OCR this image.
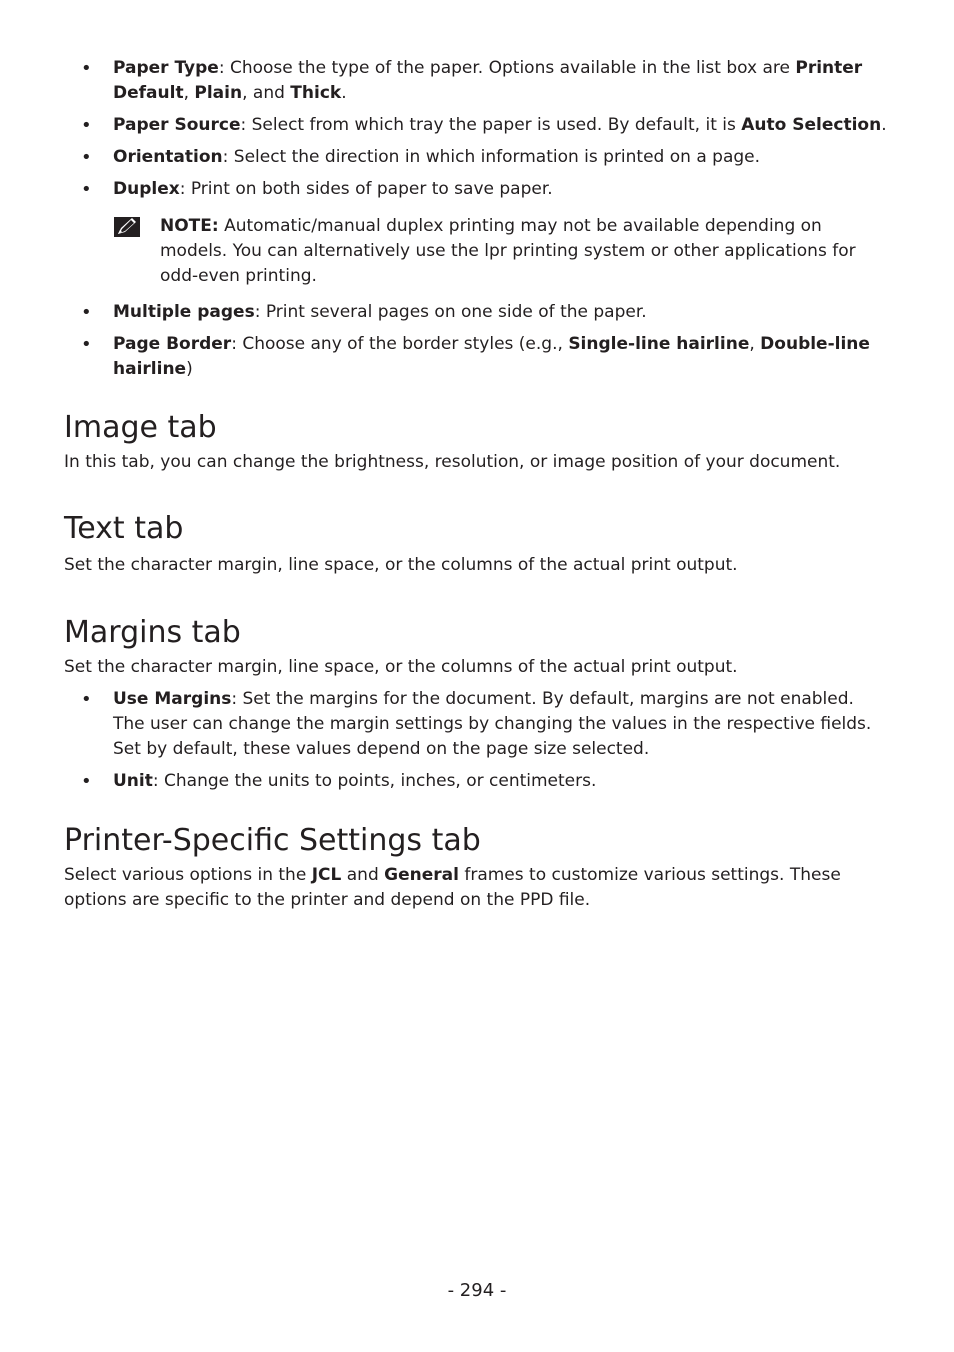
• Paper Type: Choose the type of the paper. Options available in the list box are Printer Default, Plain, and Thick.
• Paper Source: Select from which tray the paper is used. By default, it is Auto Selection.
• Orientation: Select the direction in which information is printed on a page.
• Duplex: Print on both sides of paper to save paper.
NOTE: Automatic/manual duplex printing may not be available depending on models. You can alternatively use the lpr printing system or other applications for odd-even printing.
• Multiple pages: Print several pages on one side of the paper.
• Page Border: Choose any of the border styles (e.g., Single-line hairline, Double-line hairline)
Image tab

In this tab, you can change the brightness, resolution, or image position of your document.

Text tab

Set the character margin, line space, or the columns of the actual print output.

Margins tab

Set the character margin, line space, or the columns of the actual print output.

• Use Margins: Set the margins for the document. By default, margins are not enabled. The user can change the margin settings by changing the values in the respective fields. Set by default, these values depend on the page size selected.
• Unit: Change the units to points, inches, or centimeters.
Printer-Specific Settings tab

Select various options in the JCL and General frames to customize various settings. These options are specific to the printer and depend on the PPD file.

- 294 -
